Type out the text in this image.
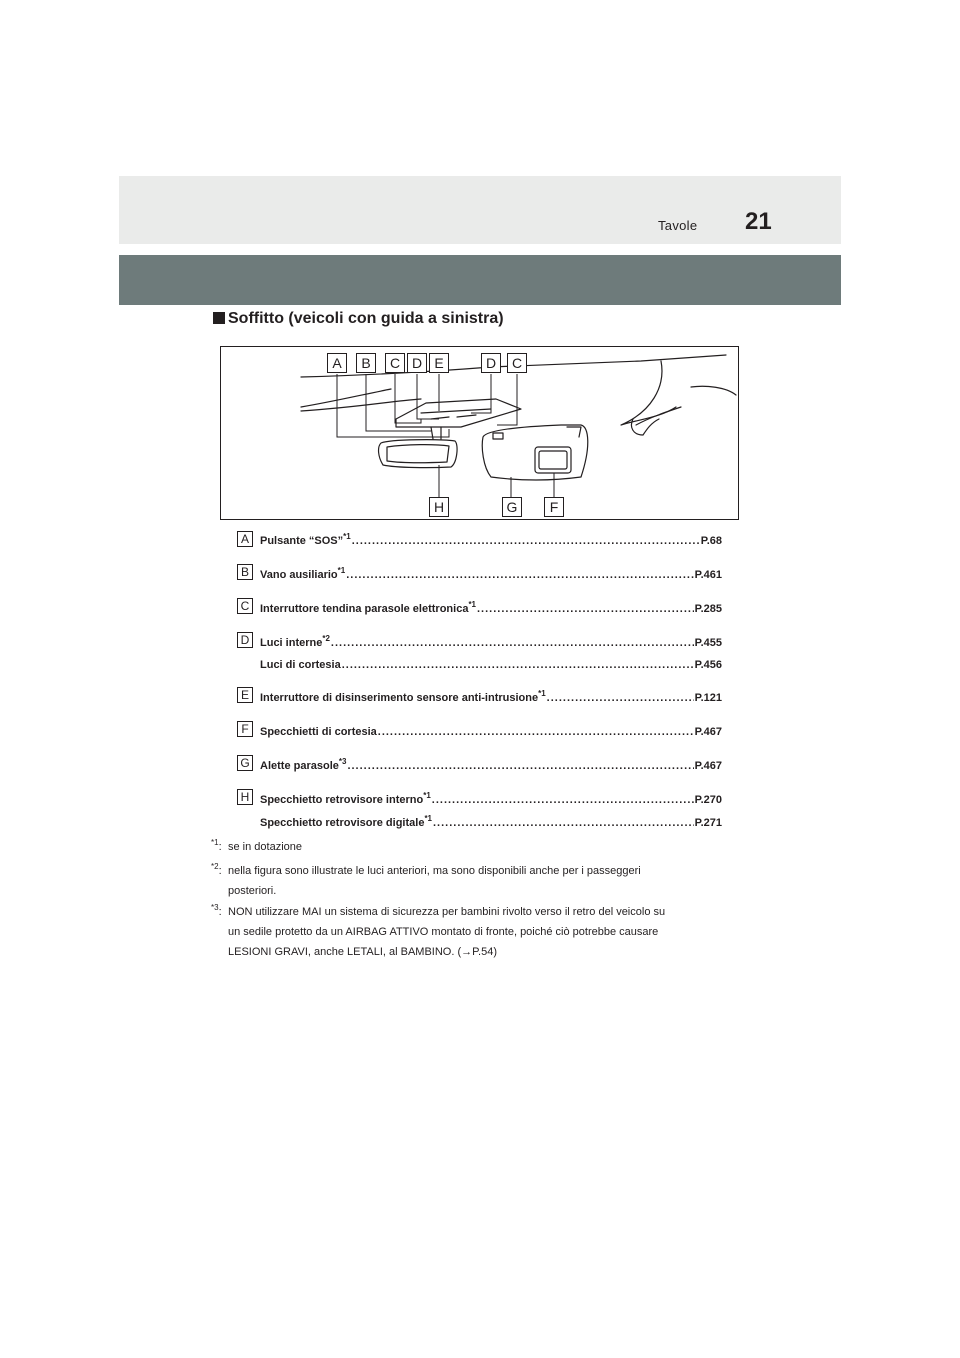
Tavole 21
Soffitto (veicoli con guida a sinistra)
A	B	C D E	D	C
H	G	F
A	Pulsante “SOS” *1 .....	P.68
B	Vano ausiliario *1 .....	P.461
C Interruttore tendina parasole elettronica *1 .....	P.285
D Luci interne *2 .....	P.455
Luci di cortesia .....	P.456
E	Interruttore di disinserimento sensore anti-intrusione *1 .....	P.121
F	Specchietti di cortesia .....	P.467
G Alette parasole *3 .....	P.467
H Specchietto retrovisore interno *1 .....	P.270
Specchietto retrovisore digitale *1 .....	P.271
$^{*1}$: se in dotazione
$^{*2}$: nella figura sono illustrate le luci anteriori, ma sono disponibili anche per i passeggeri
posteriori.
$^{*3}$: NON utilizzare MAI un sistema di sicurezza per bambini rivolto verso il retro del veicolo su
un sedile protetto da un AIRBAG ATTIVO montato di fronte, poiché ciò potrebbe causare
LESIONI GRAVI, anche LETALI, al BAMBINO. (→P.54)
